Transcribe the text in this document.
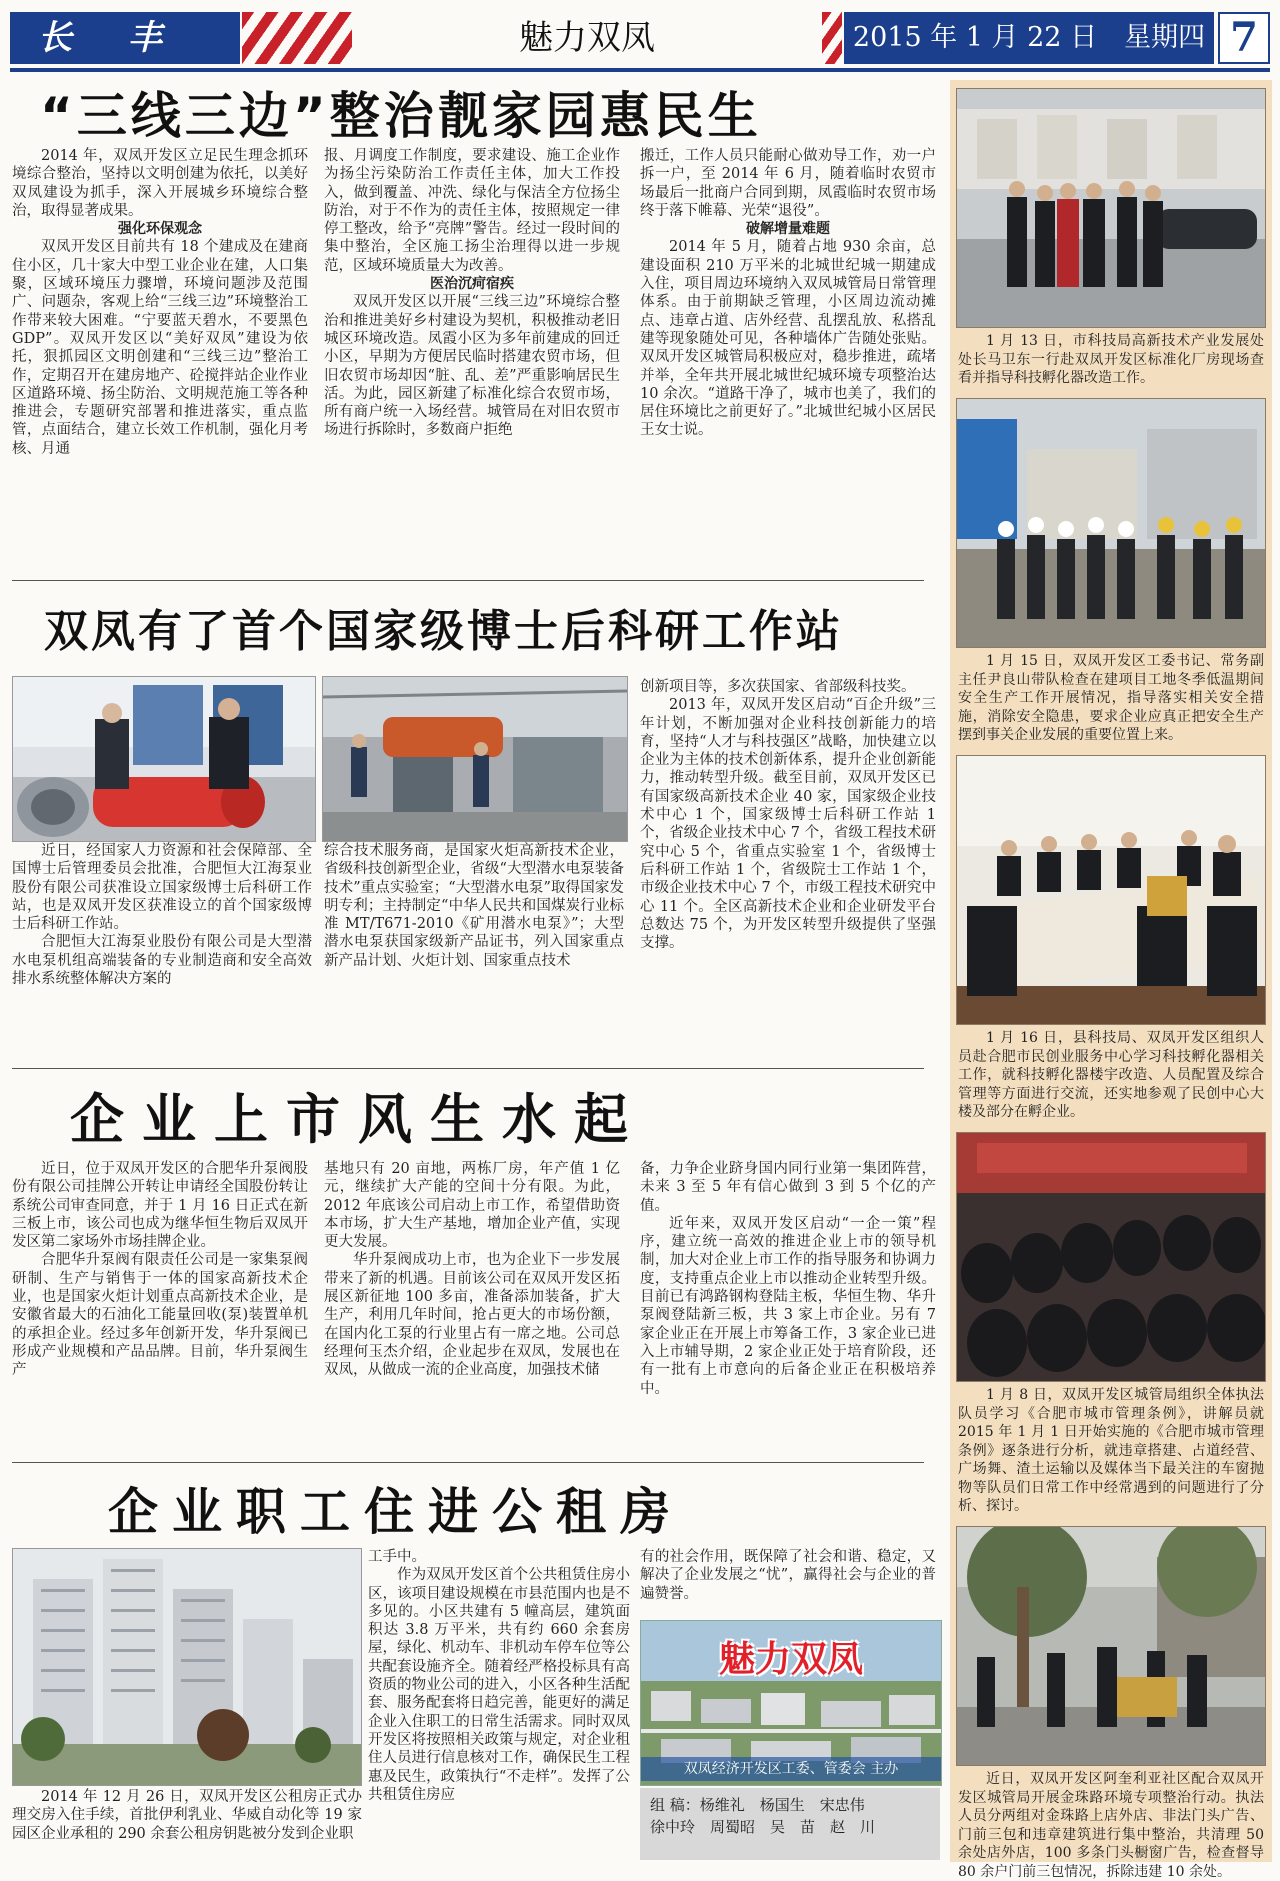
长 丰	魅力双凤	2015 年 1 月 22 日　星期四 7
“三线三边”整治靓家园惠民生

2014 年，双凤开发区立足民生理念抓环境综合整治，坚持以文明创建为依托，以美好双凤建设为抓手，深入开展城乡环境综合整治，取得显著成果。

强化环保观念

双凤开发区目前共有 18 个建成及在建商住小区，几十家大中型工业企业在建，人口集聚，区域环境压力骤增，环境问题涉及范围广、问题杂，客观上给“三线三边”环境整治工作带来较大困难。“宁要蓝天碧水，不要黑色 GDP”。双凤开发区以“美好双凤”建设为依托，狠抓园区文明创建和“三线三边”整治工作，定期召开在建房地产、砼搅拌站企业作业区道路环境、扬尘防治、文明规范施工等各种推进会，专题研究部署和推进落实，重点监管，点面结合，建立长效工作机制，强化月考核、月通

报、月调度工作制度，要求建设、施工企业作为扬尘污染防治工作责任主体，加大工作投入，做到覆盖、冲洗、绿化与保洁全方位扬尘防治，对于不作为的责任主体，按照规定一律停工整改，给予“亮牌”警告。经过一段时间的集中整治，全区施工扬尘治理得以进一步规范，区域环境质量大为改善。

医治沉疴宿疾

双凤开发区以开展“三线三边”环境综合整治和推进美好乡村建设为契机，积极推动老旧城区环境改造。凤霞小区为多年前建成的回迁小区，早期为方便居民临时搭建农贸市场，但旧农贸市场却因“脏、乱、差”严重影响居民生活。为此，园区新建了标准化综合农贸市场，所有商户统一入场经营。城管局在对旧农贸市场进行拆除时，多数商户拒绝

搬迁，工作人员只能耐心做劝导工作，劝一户拆一户，至 2014 年 6 月，随着临时农贸市场最后一批商户合同到期，凤霞临时农贸市场终于落下帷幕、光荣“退役”。

破解增量难题

2014 年 5 月，随着占地 930 余亩，总建设面积 210 万平米的北城世纪城一期建成入住，项目周边环境纳入双凤城管局日常管理体系。由于前期缺乏管理，小区周边流动摊点、违章占道、店外经营、乱摆乱放、私搭乱建等现象随处可见，各种墙体广告随处张贴。双凤开发区城管局积极应对，稳步推进，疏堵并举，全年共开展北城世纪城环境专项整治达 10 余次。“道路干净了，城市也美了，我们的居住环境比之前更好了。”北城世纪城小区居民王女士说。

双凤有了首个国家级博士后科研工作站

近日，经国家人力资源和社会保障部、全国博士后管理委员会批准，合肥恒大江海泵业股份有限公司获准设立国家级博士后科研工作站，也是双凤开发区获准设立的首个国家级博士后科研工作站。

合肥恒大江海泵业股份有限公司是大型潜水电泵机组高端装备的专业制造商和安全高效排水系统整体解决方案的

综合技术服务商，是国家火炬高新技术企业，省级科技创新型企业，省级“大型潜水电泵装备技术”重点实验室；“大型潜水电泵”取得国家发明专利；主持制定“中华人民共和国煤炭行业标准 MT/T671-2010《矿用潜水电泵》”；大型潜水电泵获国家级新产品证书，列入国家重点新产品计划、火炬计划、国家重点技术

创新项目等，多次获国家、省部级科技奖。

2013 年，双凤开发区启动“百企升级”三年计划，不断加强对企业科技创新能力的培育，坚持“人才与科技强区”战略，加快建立以企业为主体的技术创新体系，提升企业创新能力，推动转型升级。截至目前，双凤开发区已有国家级高新技术企业 40 家，国家级企业技术中心 1 个，国家级博士后科研工作站 1 个，省级企业技术中心 7 个，省级工程技术研究中心 5 个，省重点实验室 1 个，省级博士后科研工作站 1 个，省级院士工作站 1 个，市级企业技术中心 7 个，市级工程技术研究中心 11 个。全区高新技术企业和企业研发平台总数达 75 个，为开发区转型升级提供了坚强支撑。

企业上市风生水起

近日，位于双凤开发区的合肥华升泵阀股份有限公司挂牌公开转让申请经全国股份转让系统公司审查同意，并于 1 月 16 日正式在新三板上市，该公司也成为继华恒生物后双凤开发区第二家场外市场挂牌企业。

合肥华升泵阀有限责任公司是一家集泵阀研制、生产与销售于一体的国家高新技术企业，也是国家火炬计划重点高新技术企业，是安徽省最大的石油化工能量回收(泵)装置单机的承担企业。经过多年创新开发，华升泵阀已形成产业规模和产品品牌。目前，华升泵阀生产

基地只有 20 亩地，两栋厂房，年产值 1 亿元，继续扩大产能的空间十分有限。为此，2012 年底该公司启动上市工作，希望借助资本市场，扩大生产基地，增加企业产值，实现更大发展。

华升泵阀成功上市，也为企业下一步发展带来了新的机遇。目前该公司在双凤开发区拓展区新征地 100 多亩，准备添加装备，扩大生产，利用几年时间，抢占更大的市场份额，在国内化工泵的行业里占有一席之地。公司总经理何玉杰介绍，企业起步在双凤，发展也在双凤，从做成一流的企业高度，加强技术储

备，力争企业跻身国内同行业第一集团阵营，未来 3 至 5 年有信心做到 3 到 5 个亿的产值。

近年来，双凤开发区启动“一企一策”程序，建立统一高效的推进企业上市的领导机制，加大对企业上市工作的指导服务和协调力度，支持重点企业上市以推动企业转型升级。目前已有鸿路钢构登陆主板，华恒生物、华升泵阀登陆新三板，共 3 家上市企业。另有 7 家企业正在开展上市筹备工作，3 家企业已进入上市辅导期，2 家企业正处于培育阶段，还有一批有上市意向的后备企业正在积极培养中。

企业职工住进公租房

2014 年 12 月 26 日，双凤开发区公租房正式办理交房入住手续，首批伊利乳业、华威自动化等 19 家园区企业承租的 290 余套公租房钥匙被分发到企业职

工手中。

作为双凤开发区首个公共租赁住房小区，该项目建设规模在市县范围内也是不多见的。小区共建有 5 幢高层，建筑面积达 3.8 万平米，共有约 660 余套房屋，绿化、机动车、非机动车停车位等公共配套设施齐全。随着经严格投标具有高资质的物业公司的进入，小区各种生活配套、服务配套将日趋完善，能更好的满足企业入住职工的日常生活需求。同时双凤开发区将按照相关政策与规定，对企业租住人员进行信息核对工作，确保民生工程惠及民生，政策执行“不走样”。发挥了公共租赁住房应

有的社会作用，既保障了社会和谐、稳定，又解决了企业发展之“忧”，赢得社会与企业的普遍赞誉。

魅力双凤
双凤经济开发区工委、管委会 主办
组 稿：杨维礼　杨国生　宋忠伟
徐中玲　周蜀昭　吴　苗　赵　川

1 月 13 日，市科技局高新技术产业发展处处长马卫东一行赴双凤开发区标准化厂房现场查看并指导科技孵化器改造工作。

1 月 15 日，双凤开发区工委书记、常务副主任尹良山带队检查在建项目工地冬季低温期间安全生产工作开展情况，指导落实相关安全措施，消除安全隐患，要求企业应真正把安全生产摆到事关企业发展的重要位置上来。

1 月 16 日，县科技局、双凤开发区组织人员赴合肥市民创业服务中心学习科技孵化器相关工作，就科技孵化器楼宇改造、人员配置及综合管理等方面进行交流，还实地参观了民创中心大楼及部分在孵企业。

1 月 8 日，双凤开发区城管局组织全体执法队员学习《合肥市城市管理条例》，讲解员就 2015 年 1 月 1 日开始实施的《合肥市城市管理条例》逐条进行分析，就违章搭建、占道经营、广场舞、渣土运输以及媒体当下最关注的车窗抛物等队员们日常工作中经常遇到的问题进行了分析、探讨。

近日，双凤开发区阿奎利亚社区配合双凤开发区城管局开展金珠路环境专项整治行动。执法人员分两组对金珠路上店外店、非法门头广告、门前三包和违章建筑进行集中整治，共清理 50 余处店外店，100 多条门头橱窗广告，检查督导 80 余户门前三包情况，拆除违建 10 余处。
